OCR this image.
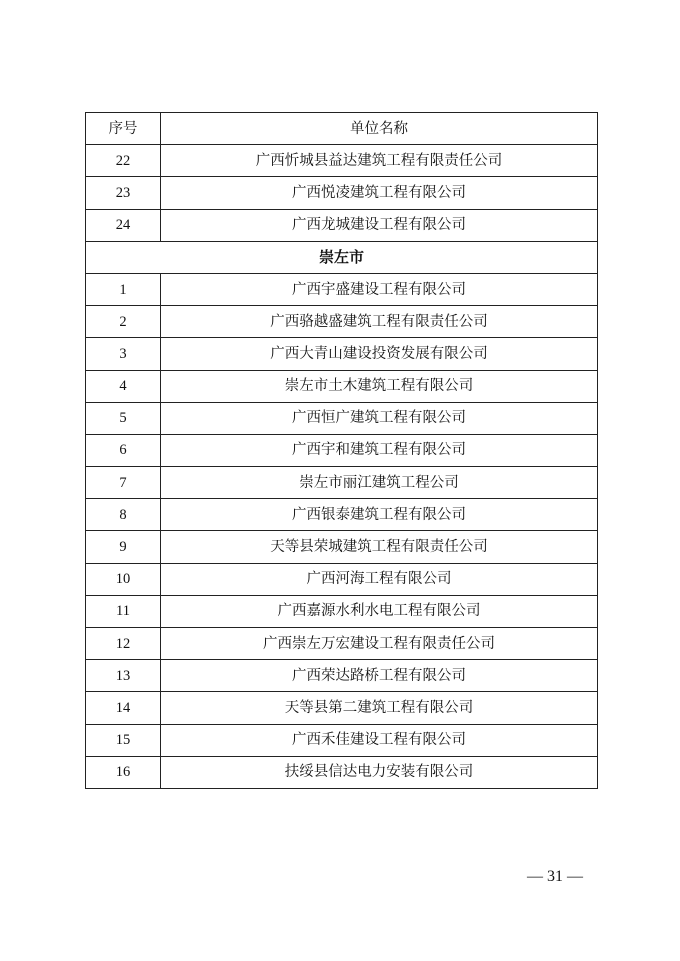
序号	单位名称
22	广西忻城县益达建筑工程有限责任公司
23	广西悦凌建筑工程有限公司
24	广西龙城建设工程有限公司
崇左市	
1	广西宇盛建设工程有限公司
2	广西骆越盛建筑工程有限责任公司
3	广西大青山建设投资发展有限公司
4	崇左市土木建筑工程有限公司
5	广西恒广建筑工程有限公司
6	广西宇和建筑工程有限公司
7	崇左市丽江建筑工程公司
8	广西银泰建筑工程有限公司
9	天等县荣城建筑工程有限责任公司
10	广西河海工程有限公司
11	广西嘉源水利水电工程有限公司
12	广西崇左万宏建设工程有限责任公司
13	广西荣达路桥工程有限公司
14	天等县第二建筑工程有限公司
15	广西禾佳建设工程有限公司
16	扶绥县信达电力安装有限公司
— 31 —
